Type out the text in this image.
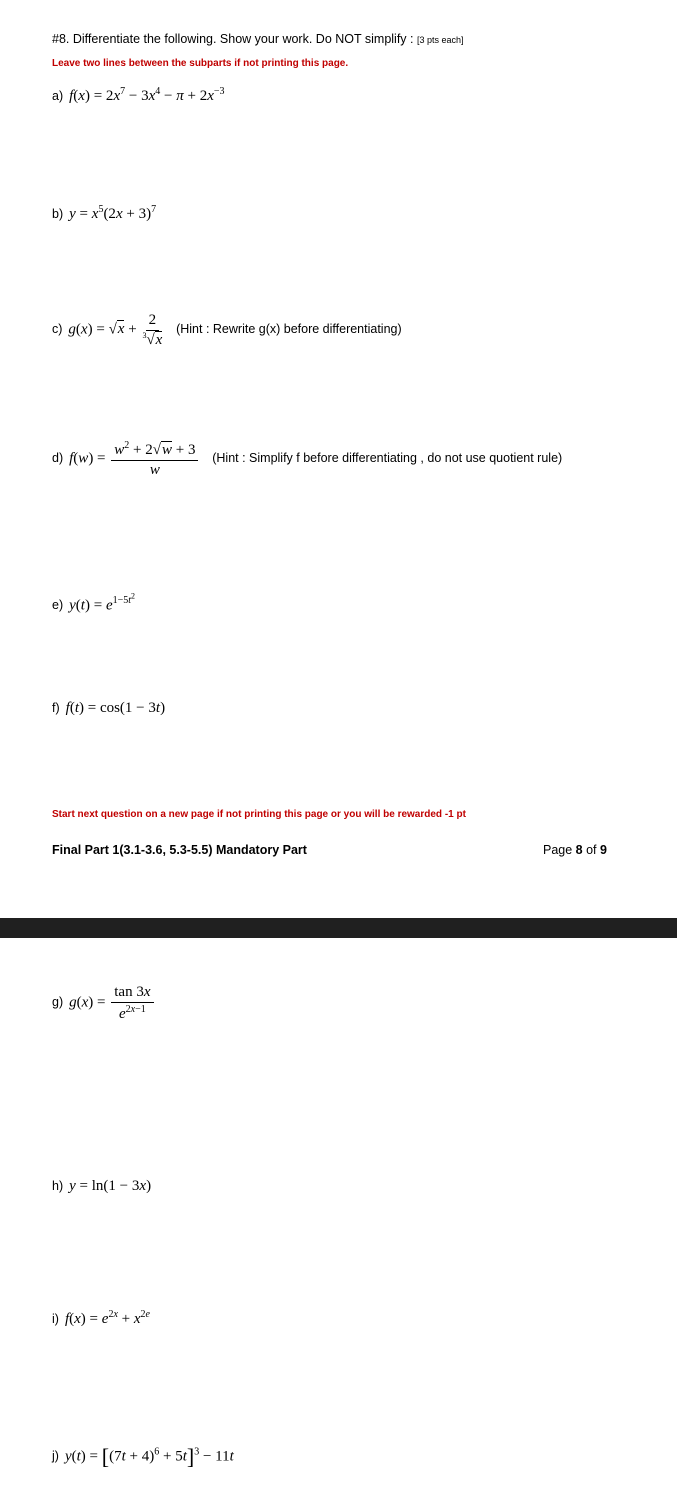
#8. Differentiate the following. Show your work. Do NOT simplify : [3 pts each]
Leave two lines between the subparts if not printing this page.
a) $f(x) = 2x^7 - 3x^4 - \pi + 2x^{-3}$
b) $y = x^5(2x + 3)^7$
c) $g(x) = √x + \frac{2}{^3√x}$ (Hint : Rewrite g(x) before differentiating)
d) $f(w) = \frac{w^2 + 2√w + 3}{w}$ (Hint : Simplify f before differentiating , do not use quotient rule)
e) $y(t) = e^{1-5t^2}$
f) f(t) = cos(1 − 3t)
Start next question on a new page if not printing this page or you will be rewarded -1 pt
Final Part 1(3.1-3.6, 5.3-5.5) Mandatory Part	Page 8 of 9
g) $g(x) = \frac{\tan 3x}{e^{2x-1}}$
h) y = ln(1 − 3x)
i) $f(x) = e^{2x} + x^{2e}$
j) $y(t) = [(7t + 4)^6 + 5t]^3 - 11t$
